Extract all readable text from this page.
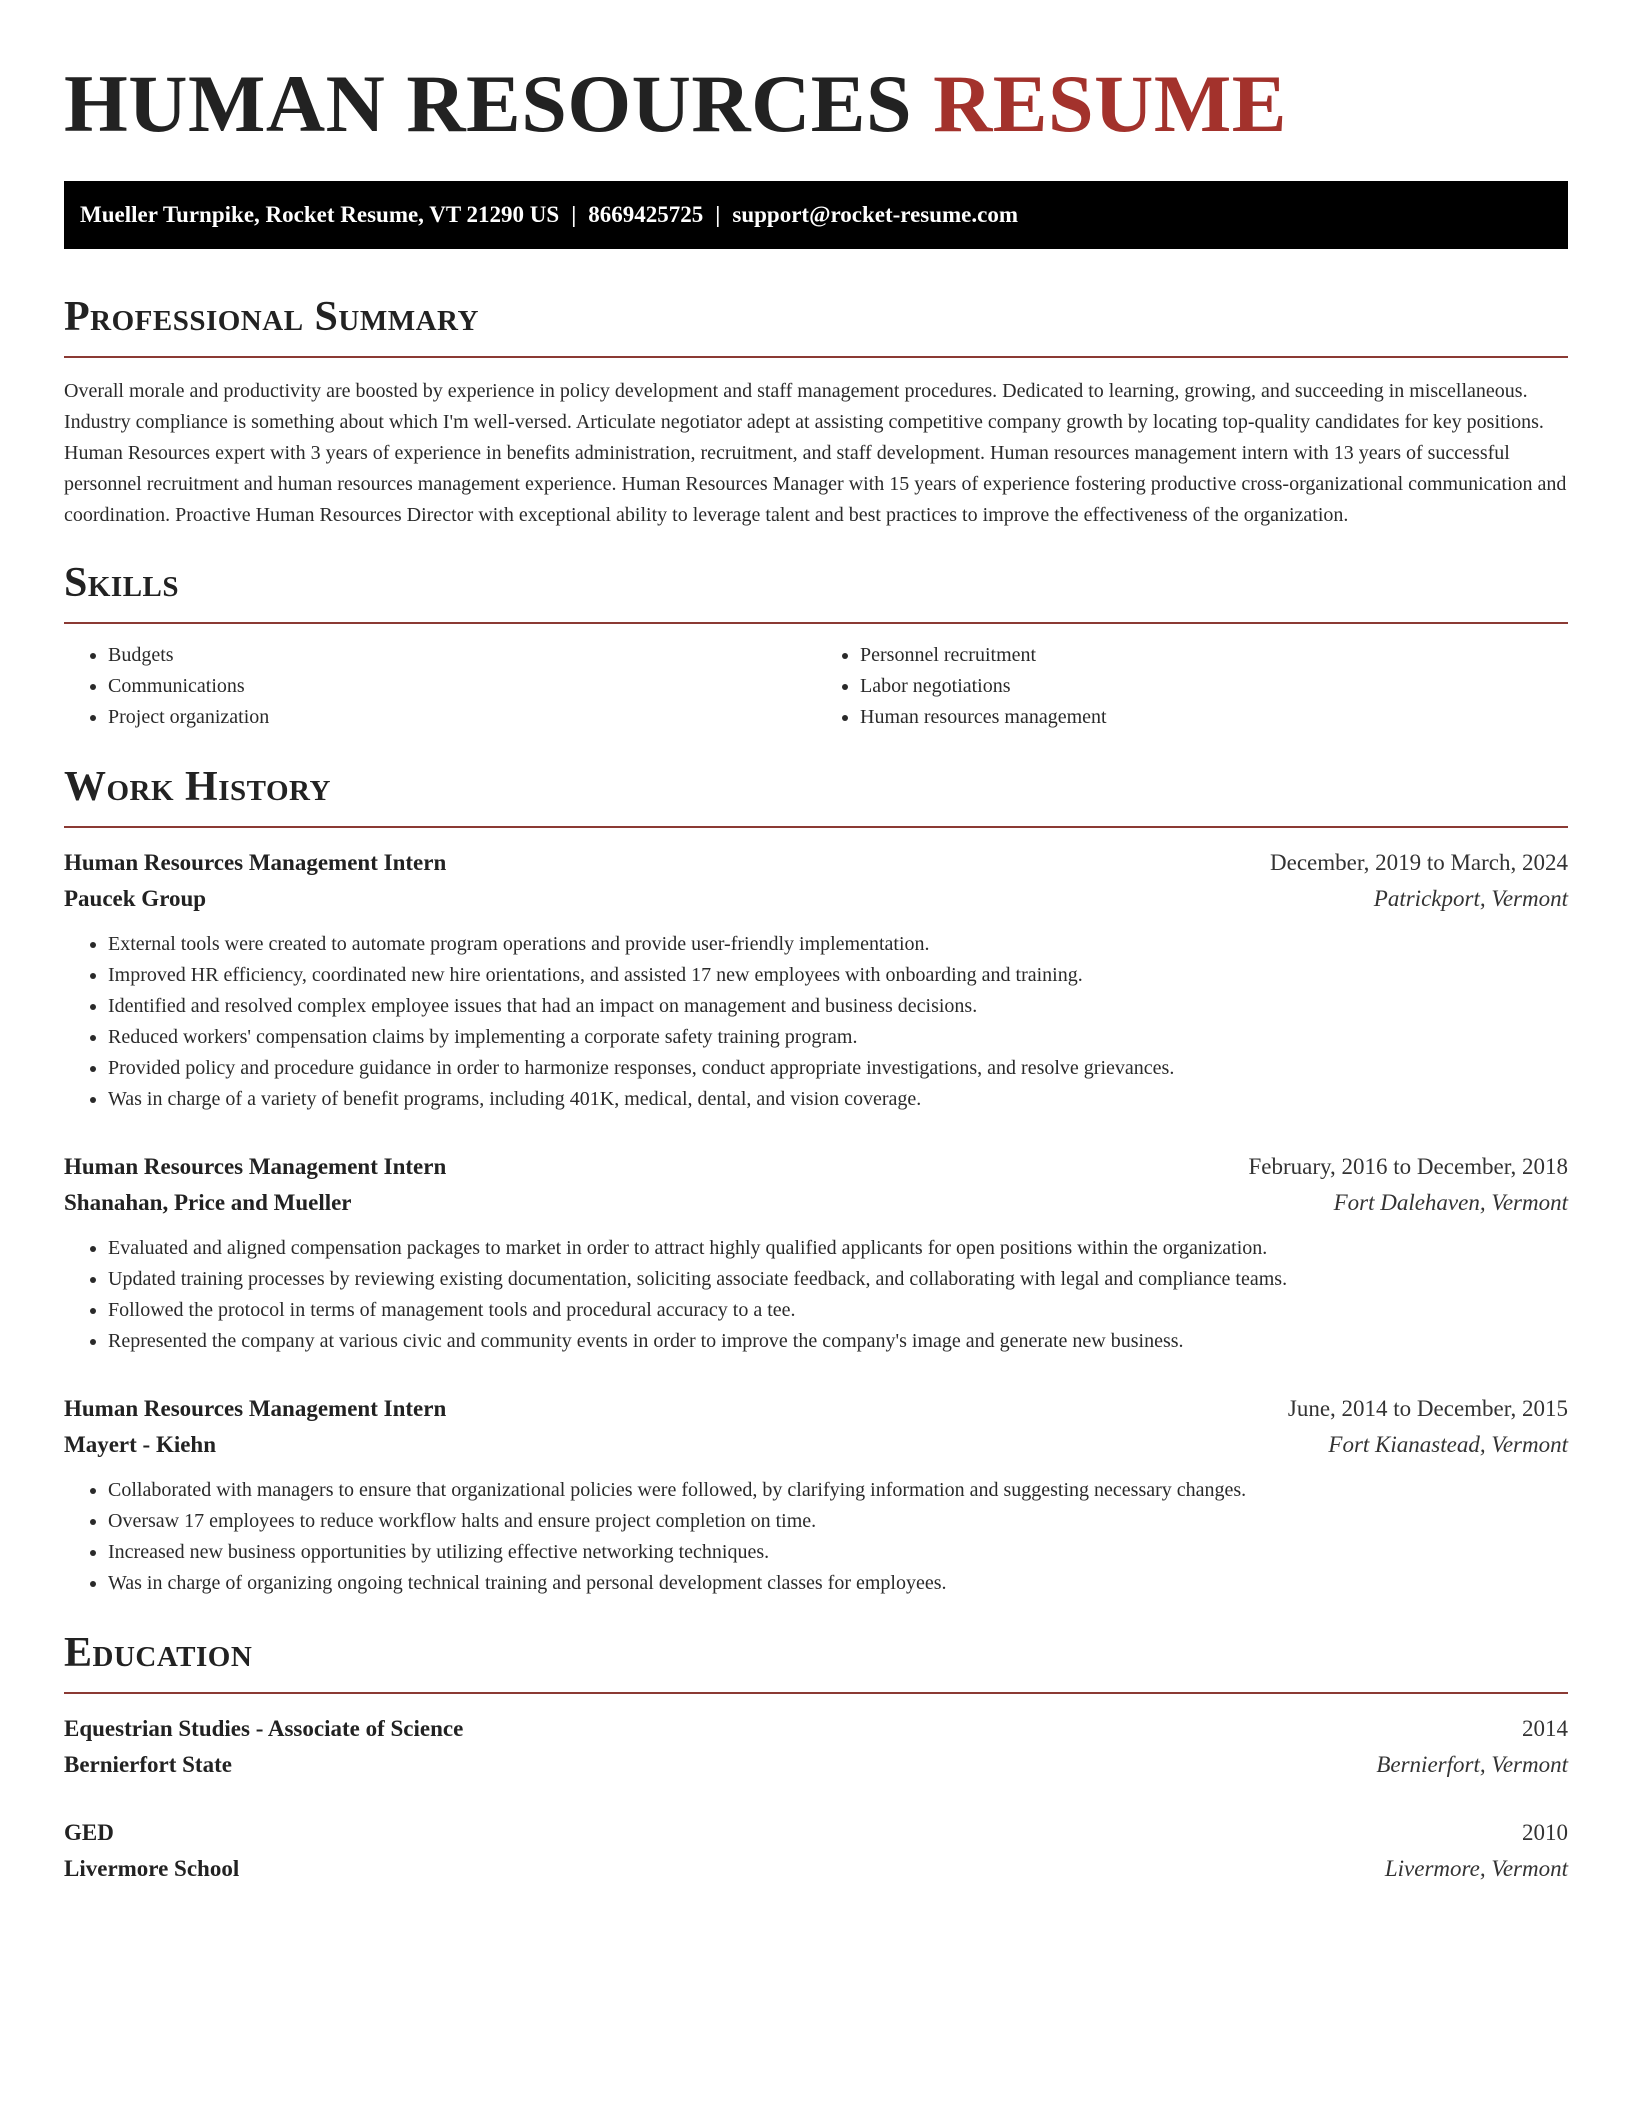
HUMAN RESOURCES RESUME
Mueller Turnpike, Rocket Resume, VT 21290 US | 8669425725 | support@rocket-resume.com
Professional Summary

Overall morale and productivity are boosted by experience in policy development and staff management procedures. Dedicated to learning, growing, and succeeding in miscellaneous. Industry compliance is something about which I'm well-versed. Articulate negotiator adept at assisting competitive company growth by locating top-quality candidates for key positions. Human Resources expert with 3 years of experience in benefits administration, recruitment, and staff development. Human resources management intern with 13 years of successful personnel recruitment and human resources management experience. Human Resources Manager with 15 years of experience fostering productive cross-organizational communication and coordination. Proactive Human Resources Director with exceptional ability to leverage talent and best practices to improve the effectiveness of the organization.

Skills
• Budgets
• Communications
• Project organization
• Personnel recruitment
• Labor negotiations
• Human resources management
Work History
Human Resources Management Intern	December, 2019 to March, 2024
Paucek Group	Patrickport, Vermont
• External tools were created to automate program operations and provide user-friendly implementation.
• Improved HR efficiency, coordinated new hire orientations, and assisted 17 new employees with onboarding and training.
• Identified and resolved complex employee issues that had an impact on management and business decisions.
• Reduced workers' compensation claims by implementing a corporate safety training program.
• Provided policy and procedure guidance in order to harmonize responses, conduct appropriate investigations, and resolve grievances.
• Was in charge of a variety of benefit programs, including 401K, medical, dental, and vision coverage.
Human Resources Management Intern	February, 2016 to December, 2018
Shanahan, Price and Mueller	Fort Dalehaven, Vermont
• Evaluated and aligned compensation packages to market in order to attract highly qualified applicants for open positions within the organization.
• Updated training processes by reviewing existing documentation, soliciting associate feedback, and collaborating with legal and compliance teams.
• Followed the protocol in terms of management tools and procedural accuracy to a tee.
• Represented the company at various civic and community events in order to improve the company's image and generate new business.
Human Resources Management Intern	June, 2014 to December, 2015
Mayert - Kiehn	Fort Kianastead, Vermont
• Collaborated with managers to ensure that organizational policies were followed, by clarifying information and suggesting necessary changes.
• Oversaw 17 employees to reduce workflow halts and ensure project completion on time.
• Increased new business opportunities by utilizing effective networking techniques.
• Was in charge of organizing ongoing technical training and personal development classes for employees.
Education
Equestrian Studies - Associate of Science	2014
Bernierfort State	Bernierfort, Vermont
GED	2010
Livermore School	Livermore, Vermont
